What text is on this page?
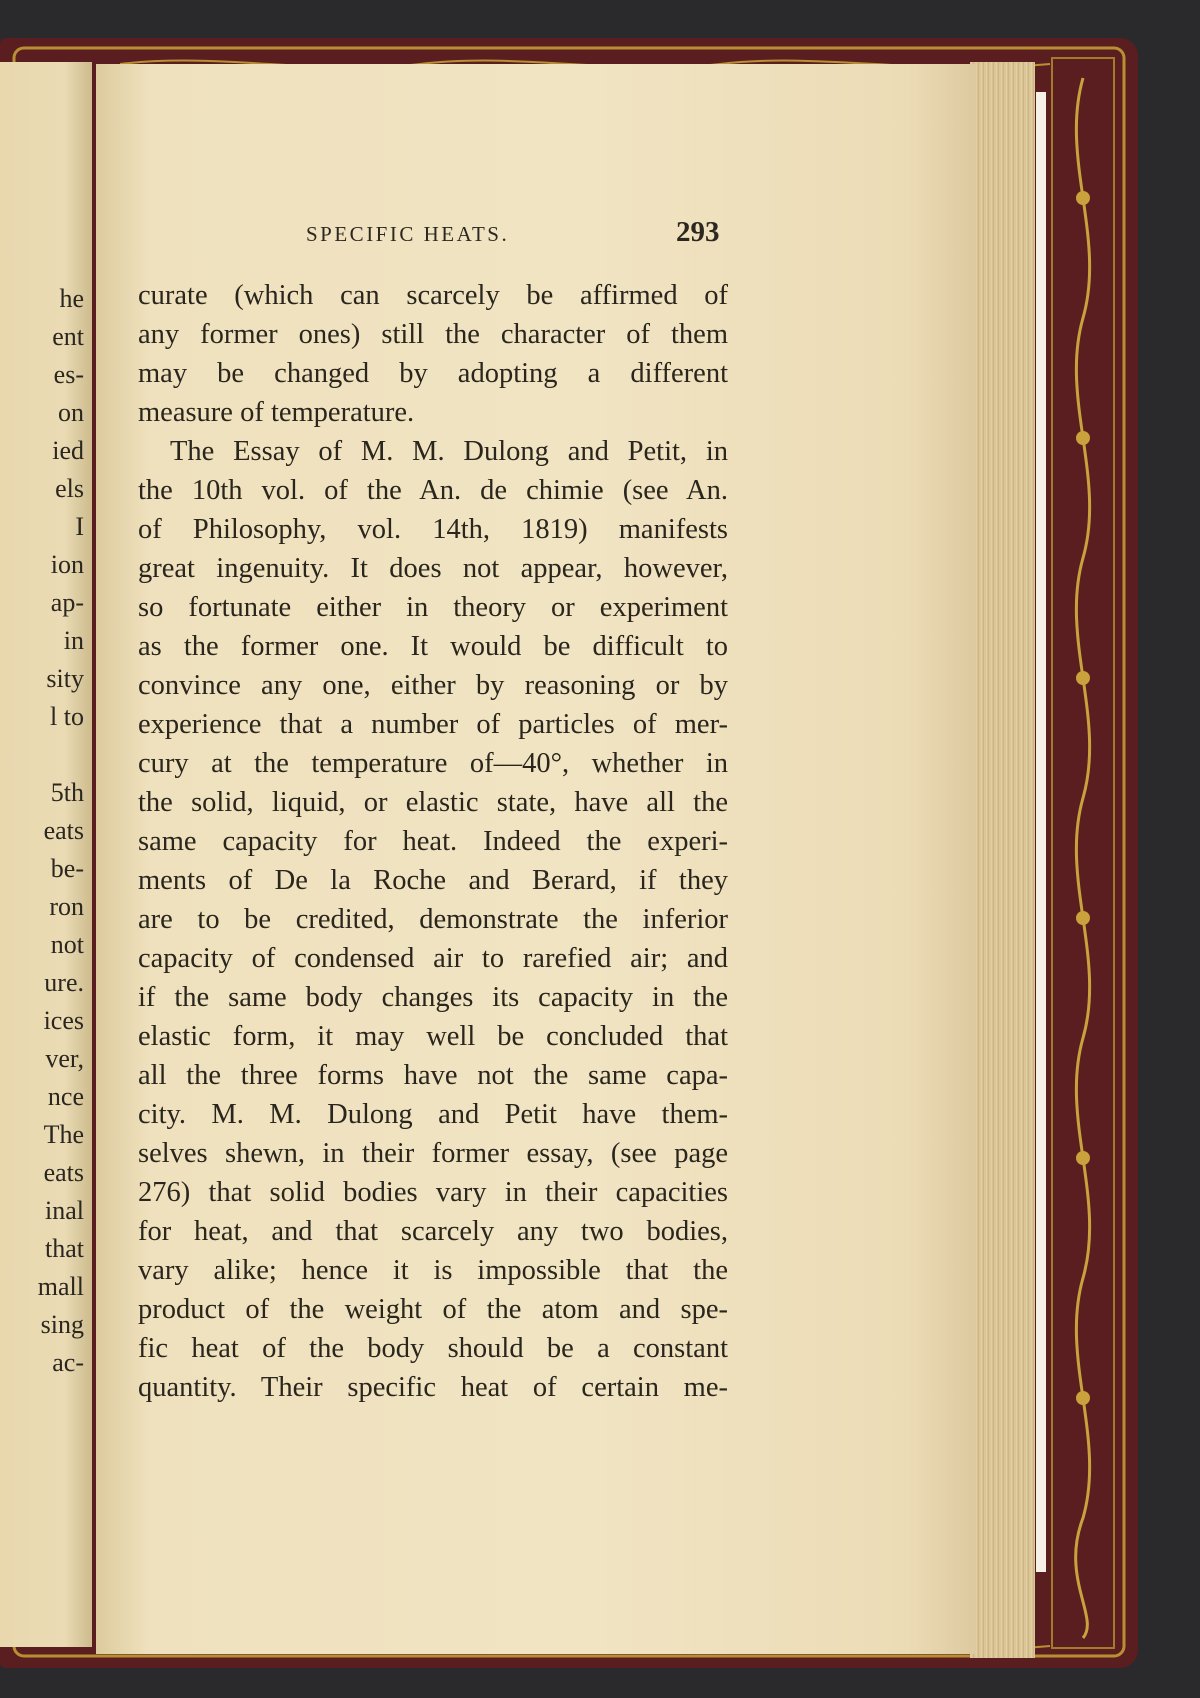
he
ent
es-
on
ied
els
I
ion
ap-
in
sity
l to
5th
eats
be-
ron
not
ure.
ices
ver,
nce
The
eats
inal
that
mall
sing
ac-
SPECIFIC HEATS.	293
curate (which can scarcely be affirmed of
any former ones) still the character of them
may be changed by adopting a different
measure of temperature.
The Essay of M. M. Dulong and Petit, in
the 10th vol. of the An. de chimie (see An.
of Philosophy, vol. 14th, 1819) manifests
great ingenuity. It does not appear, however,
so fortunate either in theory or experiment
as the former one. It would be difficult to
convince any one, either by reasoning or by
experience that a number of particles of mer-
cury at the temperature of—40°, whether in
the solid, liquid, or elastic state, have all the
same capacity for heat. Indeed the experi-
ments of De la Roche and Berard, if they
are to be credited, demonstrate the inferior
capacity of condensed air to rarefied air; and
if the same body changes its capacity in the
elastic form, it may well be concluded that
all the three forms have not the same capa-
city. M. M. Dulong and Petit have them-
selves shewn, in their former essay, (see page
276) that solid bodies vary in their capacities
for heat, and that scarcely any two bodies,
vary alike; hence it is impossible that the
product of the weight of the atom and spe-
fic heat of the body should be a constant
quantity. Their specific heat of certain me-
